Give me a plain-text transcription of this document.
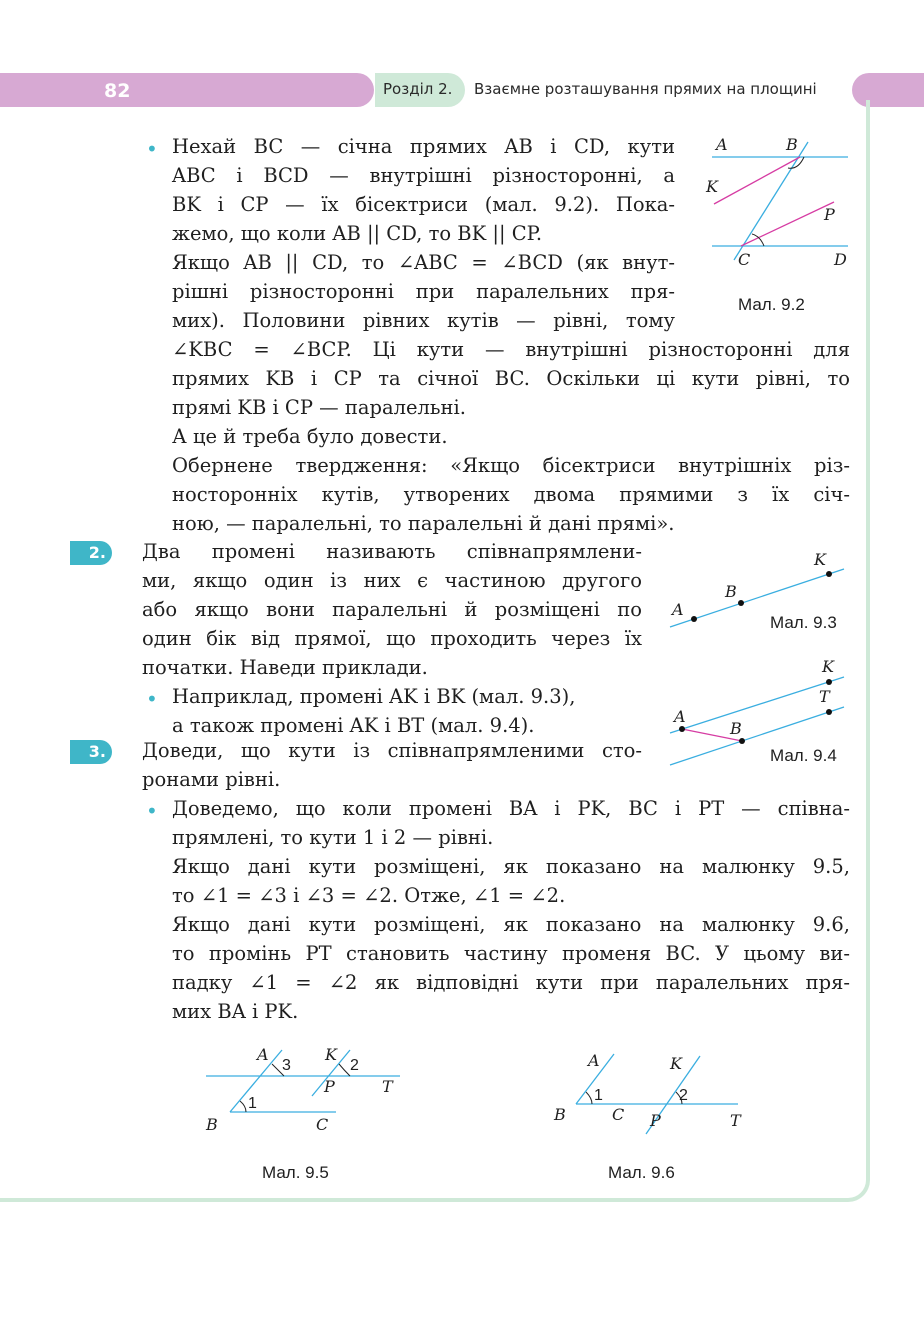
82	Розділ 2. Взаємне розташування прямих на площині
• Нехай BC — січна прямих AB і CD, кути
ABC і BCD — внутрішні різносторонні, а
BK і CP — їх бісектриси (мал. 9.2). Пока-
жемо, що коли AB || CD, то BK || CP.
Якщо AB || CD, то ∠ABC = ∠BCD (як внут-
рішні різносторонні при паралельних пря-
мих). Половини рівних кутів — рівні, тому
∠KBC = ∠BCP. Ці кути — внутрішні різносторонні для
прямих KB і CP та січної BC. Оскільки ці кути рівні, то
прямі KB і CP — паралельні.
А це й треба було довести.
Обернене твердження: «Якщо бісектриси внутрішніх різ-
носторонніх кутів, утворених двома прямими з їх січ-
ною, — паралельні, то паралельні й дані прямі».
A	B
K
P
C	D
Мал. 9.2
2.	Два промені називають співнапрямлени-
ми, якщо один із них є частиною другого
або якщо вони паралельні й розміщені по
один бік від прямої, що проходить через їх
початки. Наведи приклади.
• Наприклад, промені AK і BK (мал. 9.3),
а також промені AK і BT (мал. 9.4).
K
B
A
Мал. 9.3
K
T
A
B
Мал. 9.4
3.	Доведи, що кути із співнапрямленими сто-
ронами рівні.
• Доведемо, що коли промені BA і PK, BC і PT — співна-
прямлені, то кути 1 і 2 — рівні.
Якщо дані кути розміщені, як показано на малюнку 9.5,
то ∠1 = ∠3 і ∠3 = ∠2. Отже, ∠1 = ∠2.
Якщо дані кути розміщені, як показано на малюнку 9.6,
то промінь PT становить частину променя BC. У цьому ви-
падку ∠1 = ∠2 як відповідні кути при паралельних пря-
мих BA і PK.
A
3
K
2
P	T
1
B	C
Мал. 9.5
A	K
1	2
B	C P	T
Мал. 9.6
